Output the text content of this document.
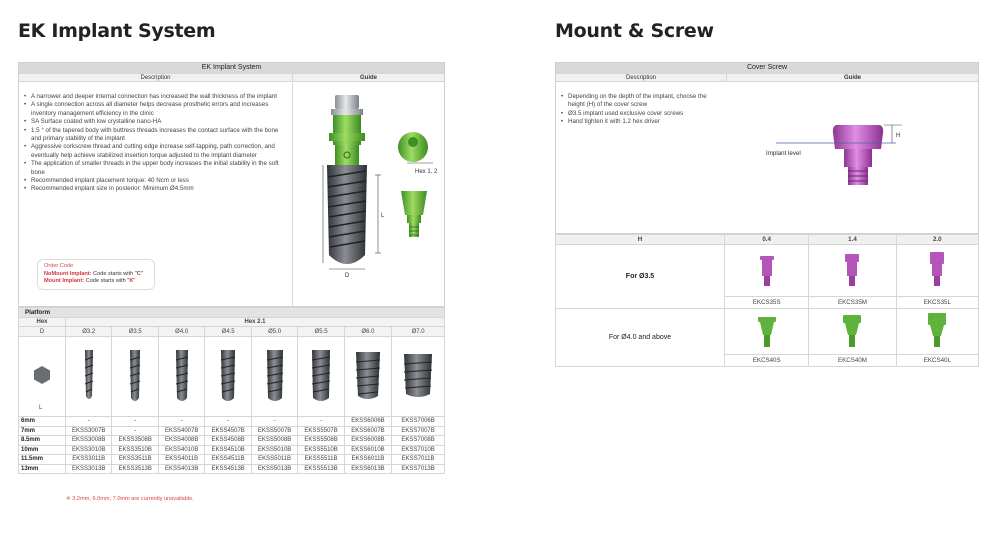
EK Implant System
EK Implant System
Description	Guide
• A narrower and deeper internal connection has increased the wall thickness of the implant
• A single connection across all diameter helps decrease prosthetic errors and increases inventory management efficiency in the clinic
• SA Surface coated with low crystalline nano-HA
• 1.5 ° of the tapered body with buttress threads increases the contact surface with the bone and primary stability of the implant
• Aggressive corkscrew thread and cutting edge increase self-tapping, path correction, and eventually help achieve stabilized insertion torque adjusted to the implant diameter
• The application of smaller threads in the upper body increases the initial stability in the soft bone
• Recommended implant placement torque: 40 Ncm or less
• Recommended implant size in posterior: Minimum Ø4.5mm
Order Code
NoMount Implant: Code starts with "C"
Mount Implant: Code starts with "K"
D
L
Hex 1. 2
Platform								
Hex	Hex 2.1							
D	Ø3.2	Ø3.5	Ø4.0	Ø4.5	Ø5.0	Ø5.5	Ø6.0	Ø7.0

L

6mm	-	-	-	-	-	-	EKSS6006B	EKSS7006B
7mm	EKSS3007B	-	EKSS4007B	EKSS4507B	EKSS5007B	EKSS5507B	EKSS6007B	EKSS7007B
8.5mm	EKSS3008B	EKSS3508B	EKSS4008B	EKSS4508B	EKSS5008B	EKSS5508B	EKSS6008B	EKSS7008B
10mm	EKSS3010B	EKSS3510B	EKSS4010B	EKSS4510B	EKSS5010B	EKSS5510B	EKSS6010B	EKSS7010B
11.5mm	EKSS3011B	EKSS3511B	EKSS4011B	EKSS4511B	EKSS5011B	EKSS5511B	EKSS6011B	EKSS7011B
13mm	EKSS3013B	EKSS3513B	EKSS4013B	EKSS4513B	EKSS5013B	EKSS5513B	EKSS6013B	EKSS7013B
※ 3.2mm, 6.0mm, 7.0mm are currently unavailable.
Mount & Screw
Cover Screw
Description	Guide
• Depending on the depth of the implant, choose the height (H) of the cover screw
• Ø3.5 implant used exclusive cover screws
• Hand tighten it with 1.2 hex driver
H
Implant level
H	0.4	1.4	2.0
For Ø3.5			
	EKCS35S	EKCS35M	EKCS35L
For Ø4.0 and above			
	EKCS40S	EKCS40M	EKCS40L
